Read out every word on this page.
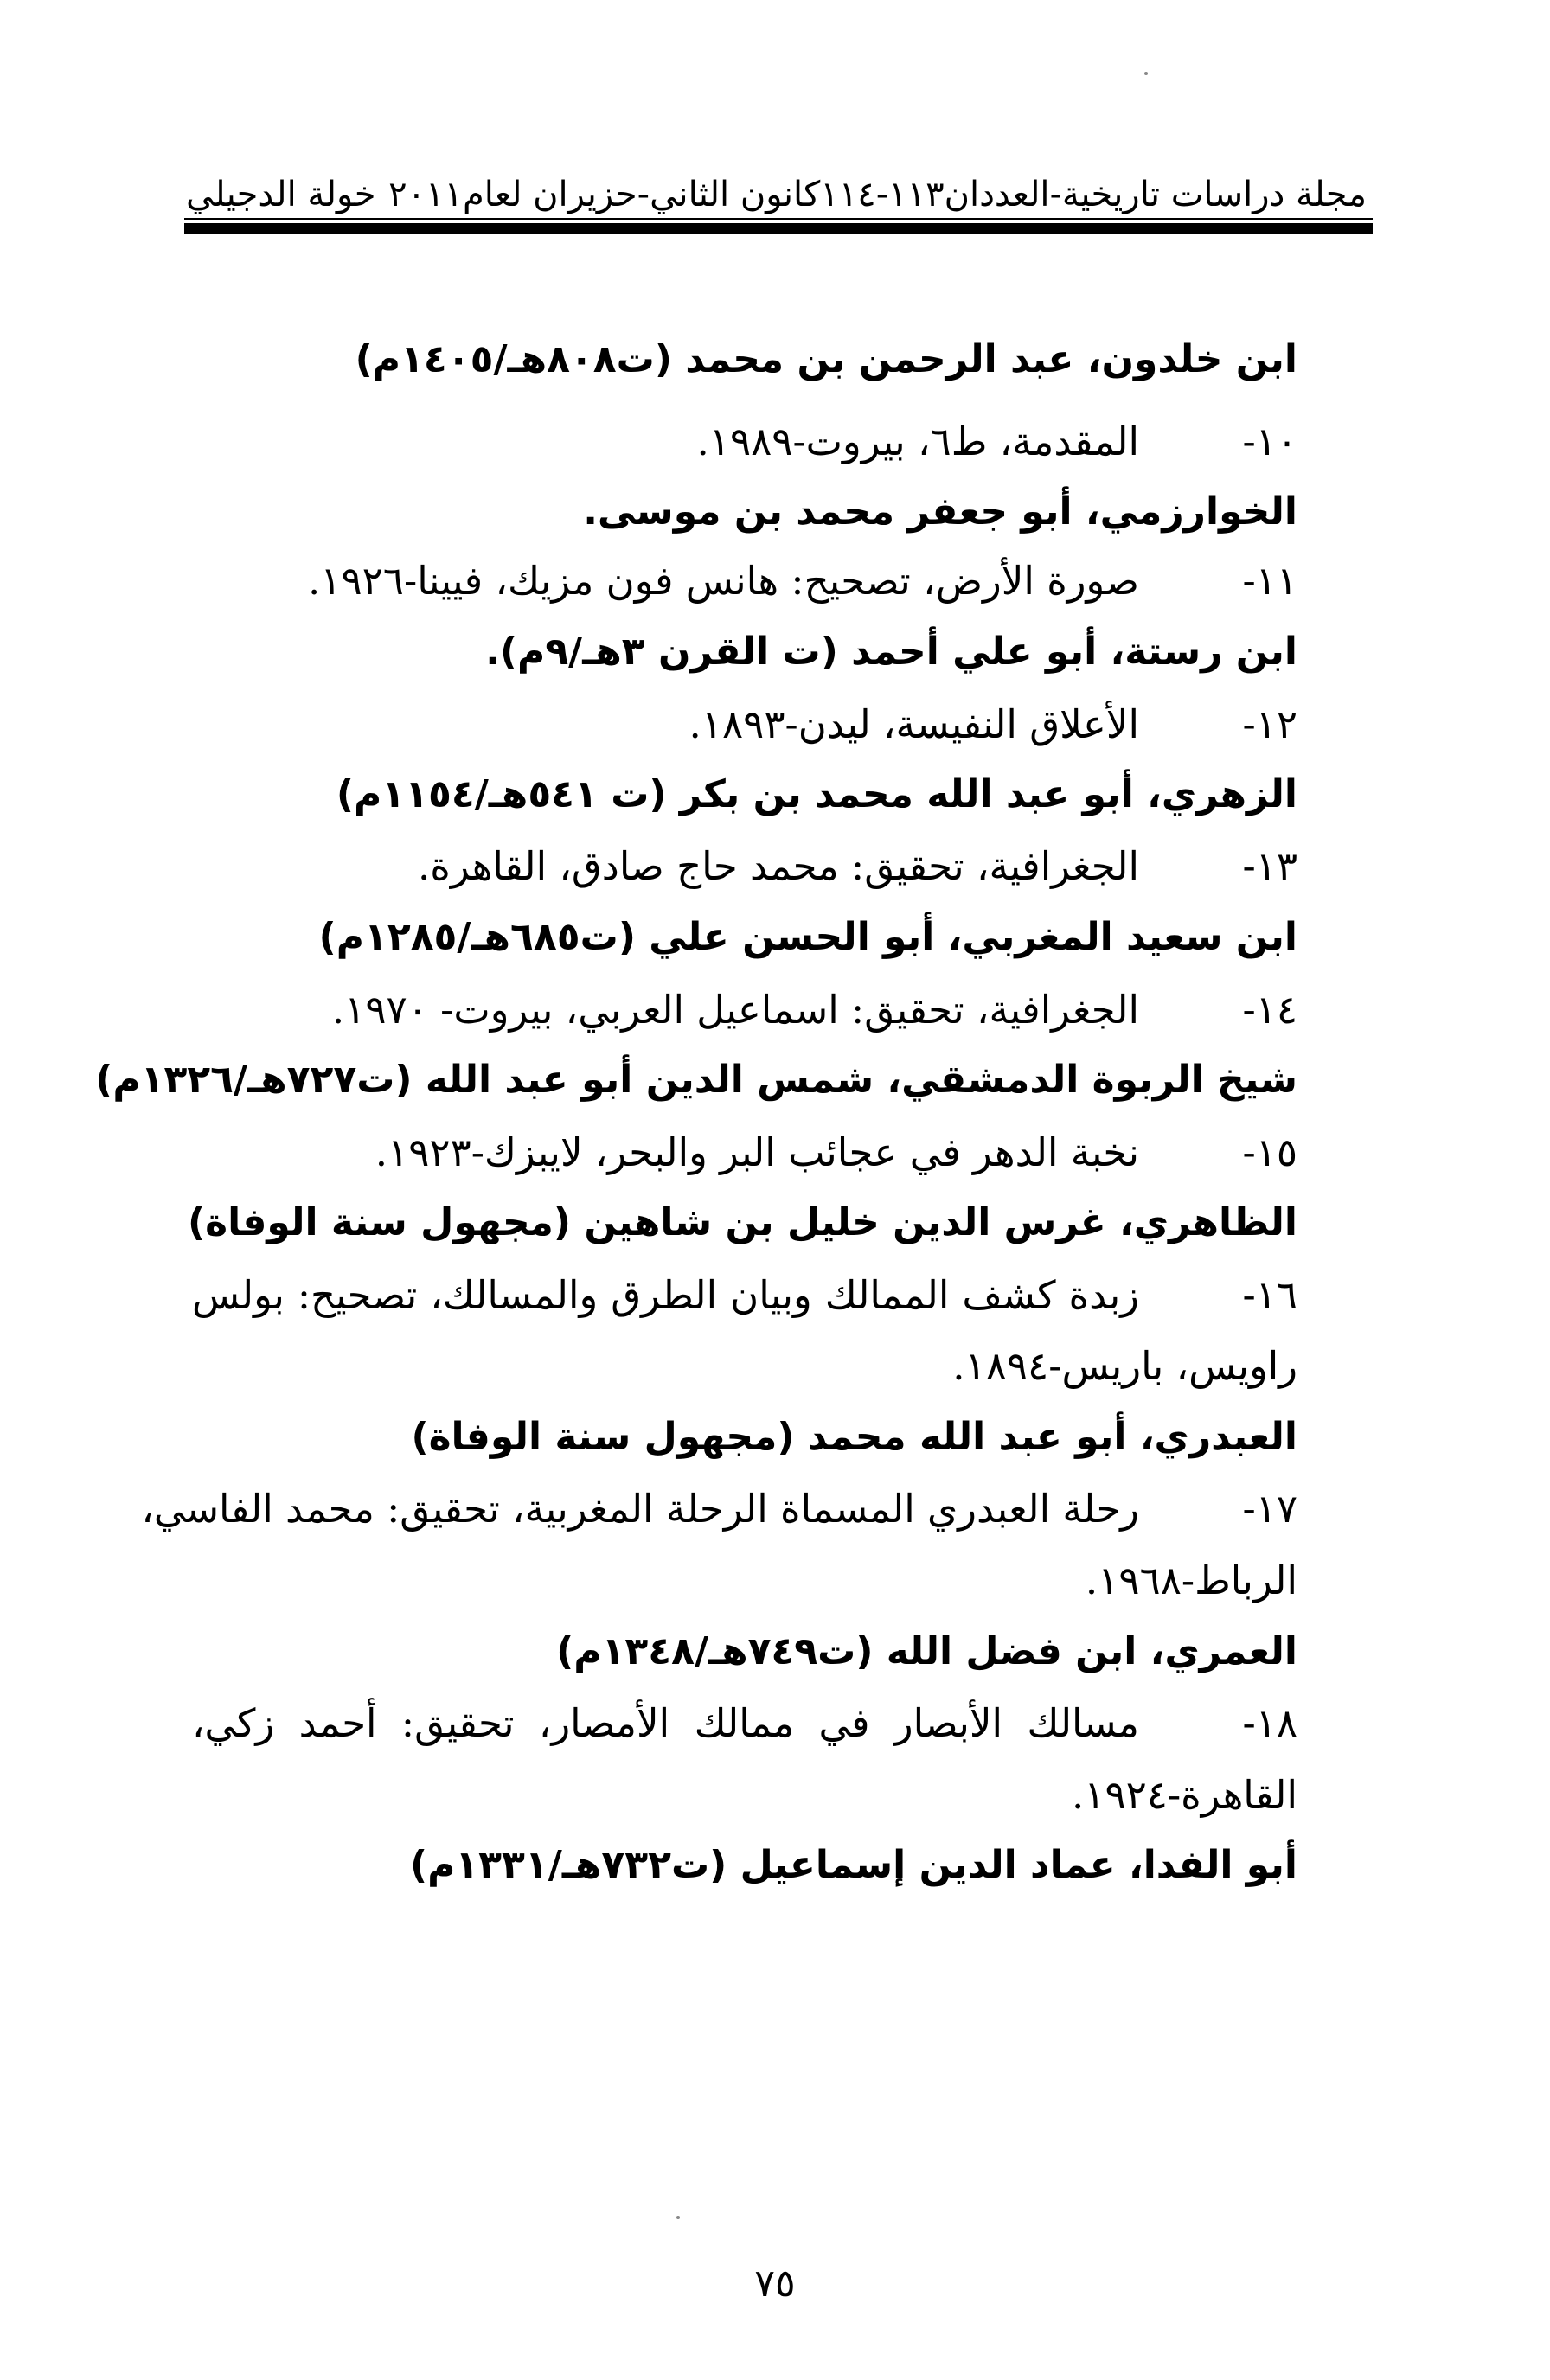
مجلة دراسات تاريخية-العددان١١٣-١١٤كانون الثاني-حزيران لعام٢٠١١
خولة الدجيلي
ابن خلدون، عبد الرحمن بن محمد (ت٨٠٨هـ/١٤٠٥م)
١٠-
المقدمة، ط٦، بيروت-١٩٨٩.
الخوارزمي، أبو جعفر محمد بن موسى.
١١-
صورة الأرض، تصحيح: هانس فون مزيك، فيينا-١٩٢٦.
ابن رستة، أبو علي أحمد (ت القرن ٣هـ/٩م).
١٢-
الأعلاق النفيسة، ليدن-١٨٩٣.
الزهري، أبو عبد الله محمد بن بكر (ت ٥٤١هـ/١١٥٤م)
١٣-
الجغرافية، تحقيق: محمد حاج صادق، القاهرة.
ابن سعيد المغربي، أبو الحسن علي (ت٦٨٥هـ/١٢٨٥م)
١٤-
الجغرافية، تحقيق: اسماعيل العربي، بيروت- ١٩٧٠.
شيخ الربوة الدمشقي، شمس الدين أبو عبد الله (ت٧٢٧هـ/١٣٢٦م)
١٥-
نخبة الدهر في عجائب البر والبحر، لايبزك-١٩٢٣.
الظاهري، غرس الدين خليل بن شاهين (مجهول سنة الوفاة)
١٦-
زبدة كشف الممالك وبيان الطرق والمسالك، تصحيح: بولس
راويس، باريس-١٨٩٤.
العبدري، أبو عبد الله محمد (مجهول سنة الوفاة)
١٧-
رحلة العبدري المسماة الرحلة المغربية، تحقيق: محمد الفاسي،
الرباط-١٩٦٨.
العمري، ابن فضل الله (ت٧٤٩هـ/١٣٤٨م)
١٨-
مسالك الأبصار في ممالك الأمصار، تحقيق: أحمد زكي،
القاهرة-١٩٢٤.
أبو الفدا، عماد الدين إسماعيل (ت٧٣٢هـ/١٣٣١م)
٧٥
